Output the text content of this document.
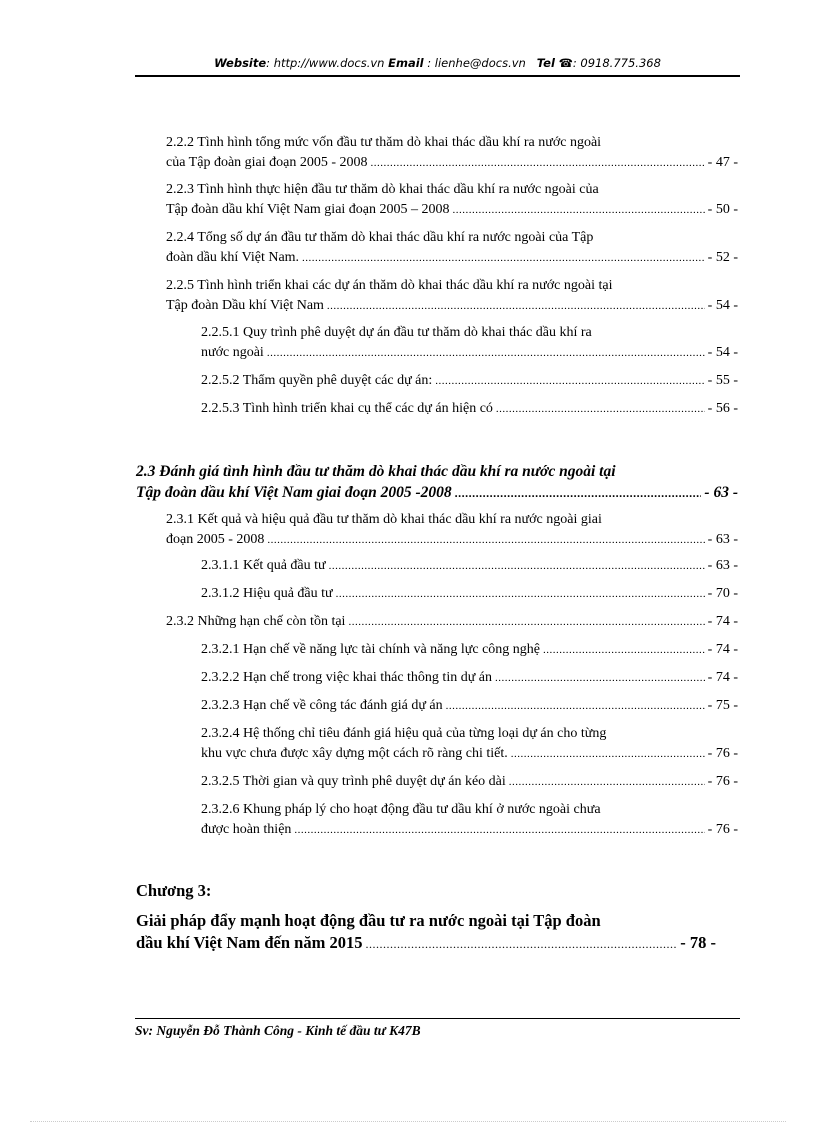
Website: http://www.docs.vn Email : lienhe@docs.vn Tel ☎: 0918.775.368
2.2.2 Tình hình tổng mức vốn đầu tư thăm dò khai thác dầu khí ra nước ngoài
của Tập đoàn giai đoạn 2005 - 2008 .....	- 47 -
2.2.3 Tình hình thực hiện đầu tư thăm dò khai thác dầu khí ra nước ngoài của
Tập đoàn dầu khí Việt Nam giai đoạn 2005 – 2008 .....	- 50 -
2.2.4 Tổng số dự án đầu tư thăm dò khai thác dầu khí ra nước ngoài của Tập
đoàn dầu khí Việt Nam. .....	- 52 -
2.2.5 Tình hình triển khai các dự án thăm dò khai thác dầu khí ra nước ngoài tại
Tập đoàn Dầu khí Việt Nam .....	- 54 -
2.2.5.1 Quy trình phê duyệt dự án đầu tư thăm dò khai thác dầu khí ra
nước ngoài .....	- 54 -
2.2.5.2 Thẩm quyền phê duyệt các dự án: .....	- 55 -
2.2.5.3 Tình hình triển khai cụ thể các dự án hiện có .....	- 56 -
2.3 Đánh giá tình hình đầu tư thăm dò khai thác dầu khí ra nước ngoài tại
Tập đoàn dầu khí Việt Nam giai đoạn 2005 -2008 .....	- 63 -
2.3.1 Kết quả và hiệu quả đầu tư thăm dò khai thác dầu khí ra nước ngoài giai
đoạn 2005 - 2008 .....	- 63 -
2.3.1.1 Kết quả đầu tư .....	- 63 -
2.3.1.2 Hiệu quả đầu tư .....	- 70 -
2.3.2 Những hạn chế còn tồn tại .....	- 74 -
2.3.2.1 Hạn chế về năng lực tài chính và năng lực công nghệ .....	- 74 -
2.3.2.2 Hạn chế trong việc khai thác thông tin dự án .....	- 74 -
2.3.2.3 Hạn chế về công tác đánh giá dự án .....	- 75 -
2.3.2.4 Hệ thống chỉ tiêu đánh giá hiệu quả của từng loại dự án cho từng
khu vực chưa được xây dựng một cách rõ ràng chi tiết. .....	- 76 -
2.3.2.5 Thời gian và quy trình phê duyệt dự án kéo dài .....	- 76 -
2.3.2.6 Khung pháp lý cho hoạt động đầu tư dầu khí ở nước ngoài chưa
được hoàn thiện .....	- 76 -
Chương 3:
Giải pháp đẩy mạnh hoạt động đầu tư ra nước ngoài tại Tập đoàn
dầu khí Việt Nam đến năm 2015 .....	- 78 -
Sv: Nguyễn Đỗ Thành Công - Kinh tế đầu tư K47B
